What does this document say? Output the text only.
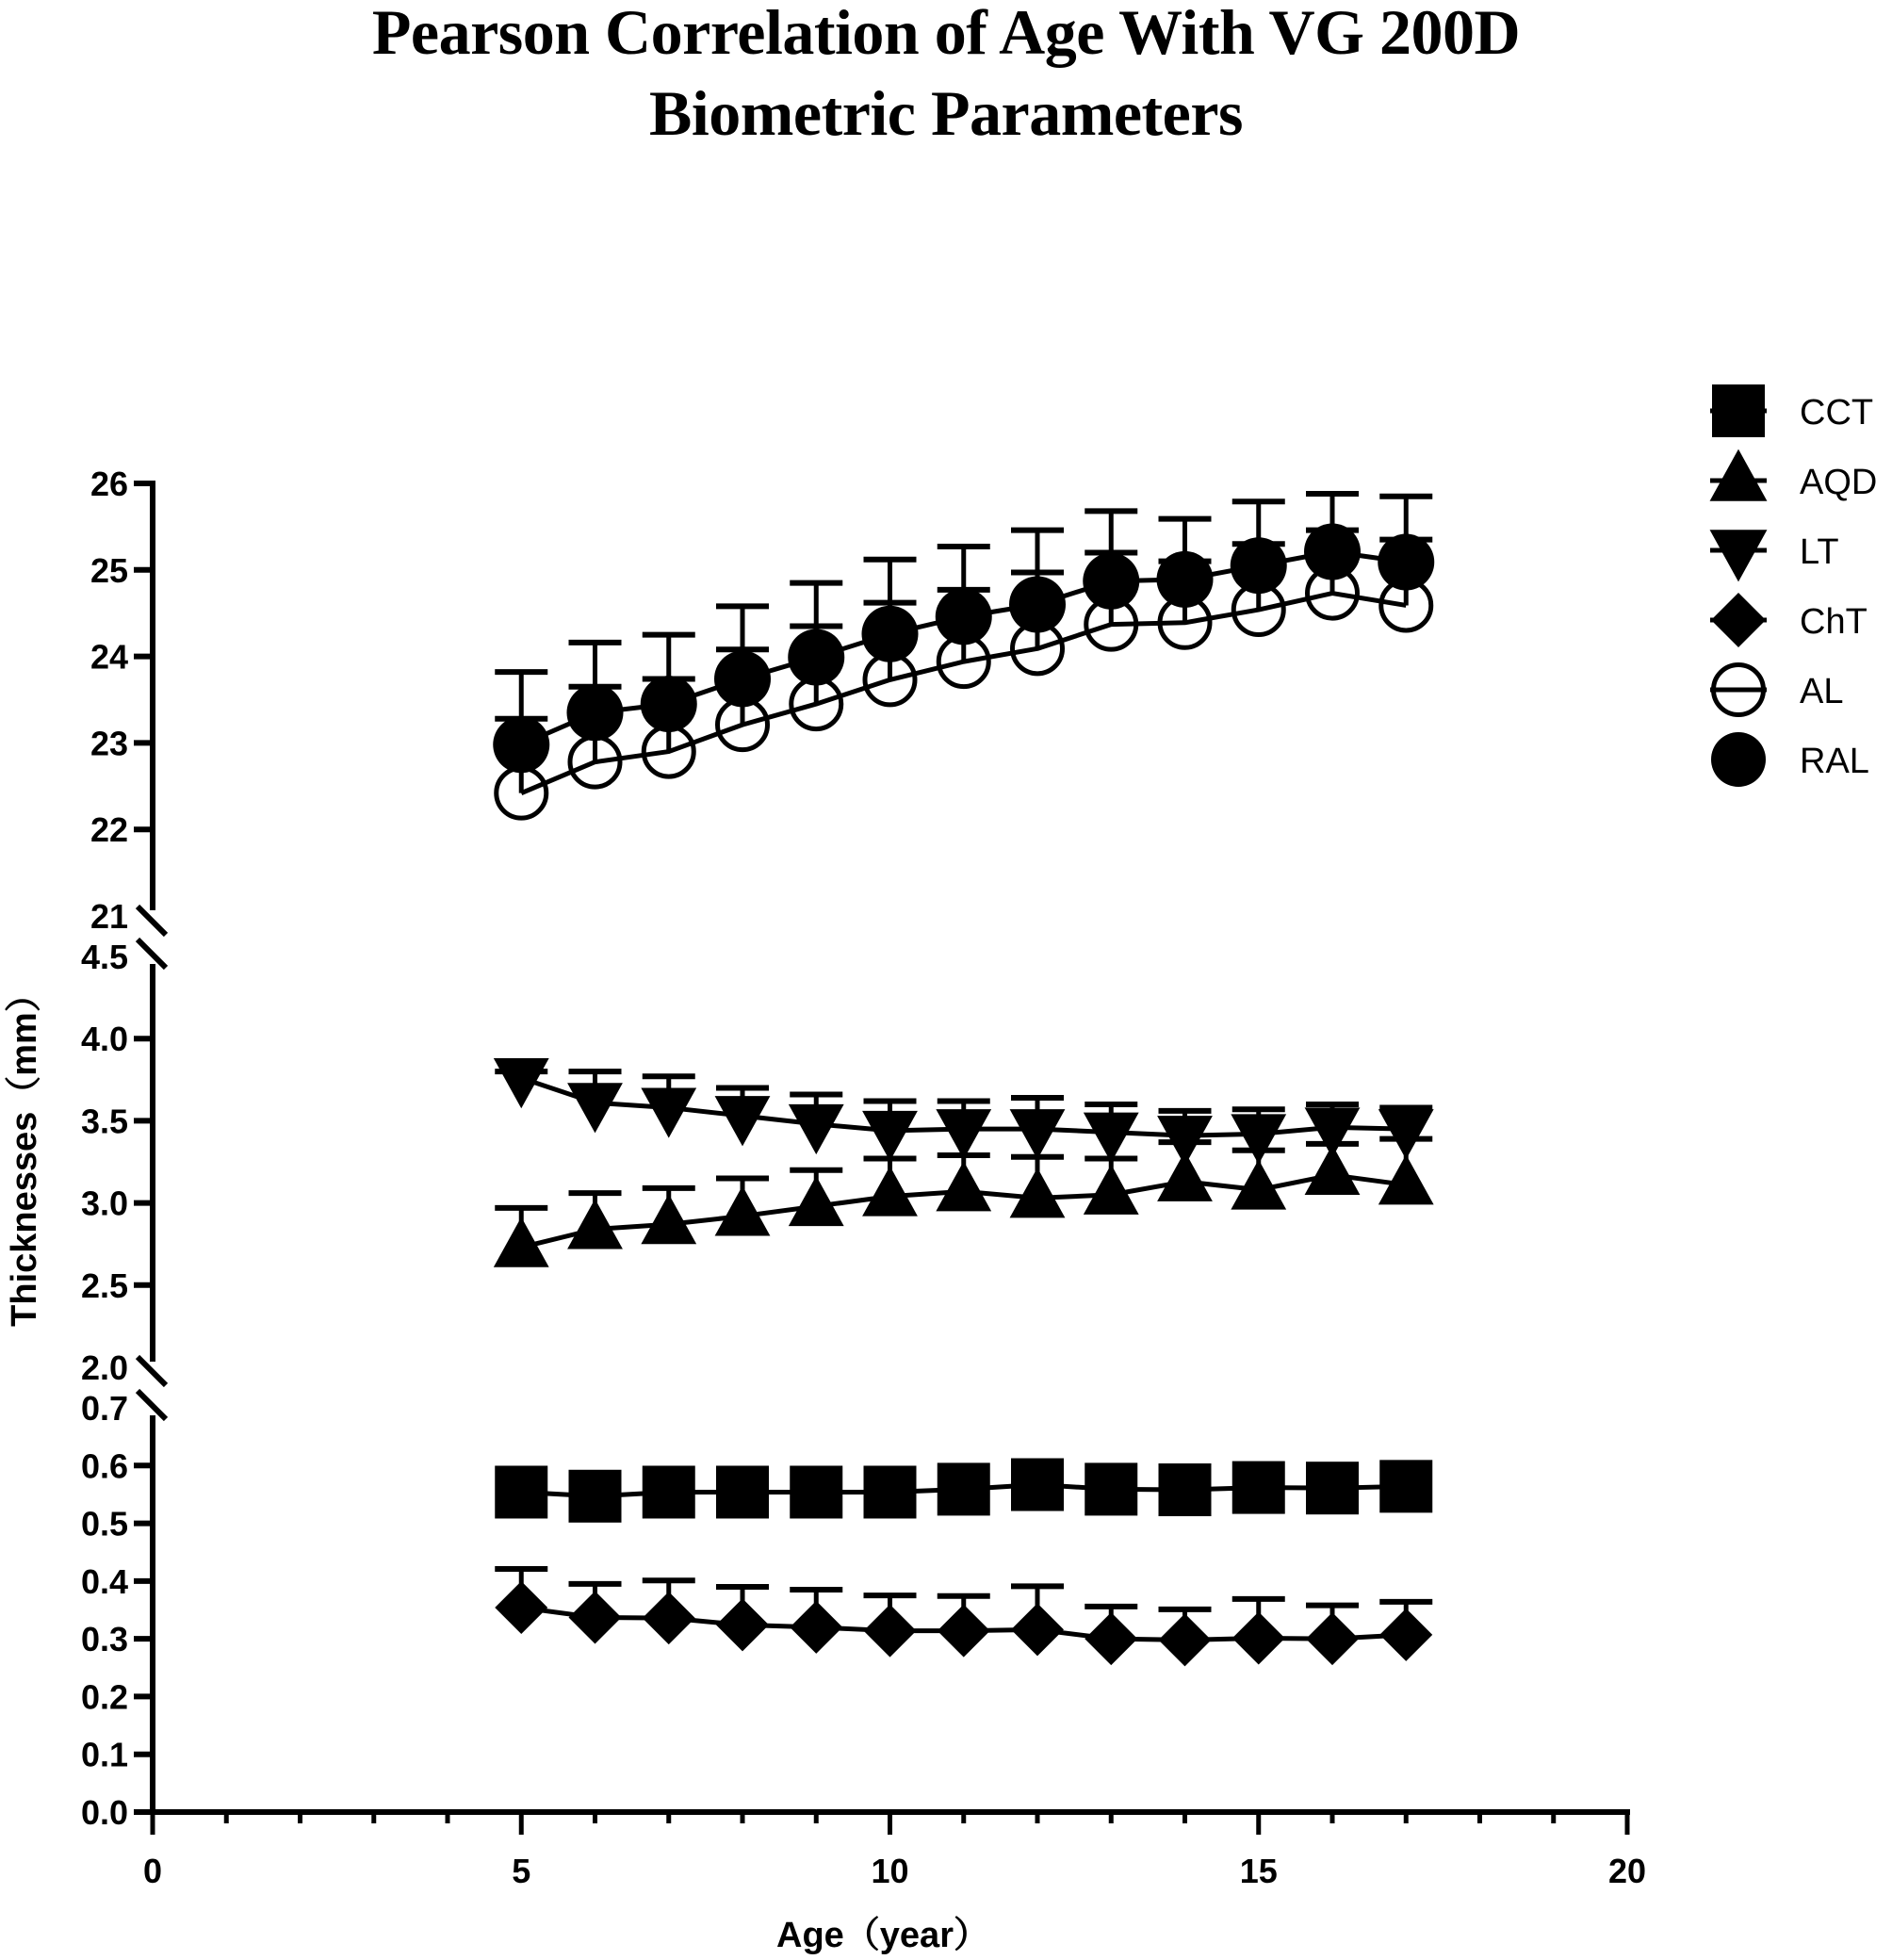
Pearson Correlation of Age With VG 200D
Biometric Parameters
21
22
23
24
25
26
2.0
2.5
3.0
3.5
4.0
4.5
0.0
0.1
0.2
0.3
0.4
0.5
0.6
0.7
0	5	10	15	20
CCT
AQD
LT
ChT
AL
RAL
Age（year）
Thicknesses（mm）
